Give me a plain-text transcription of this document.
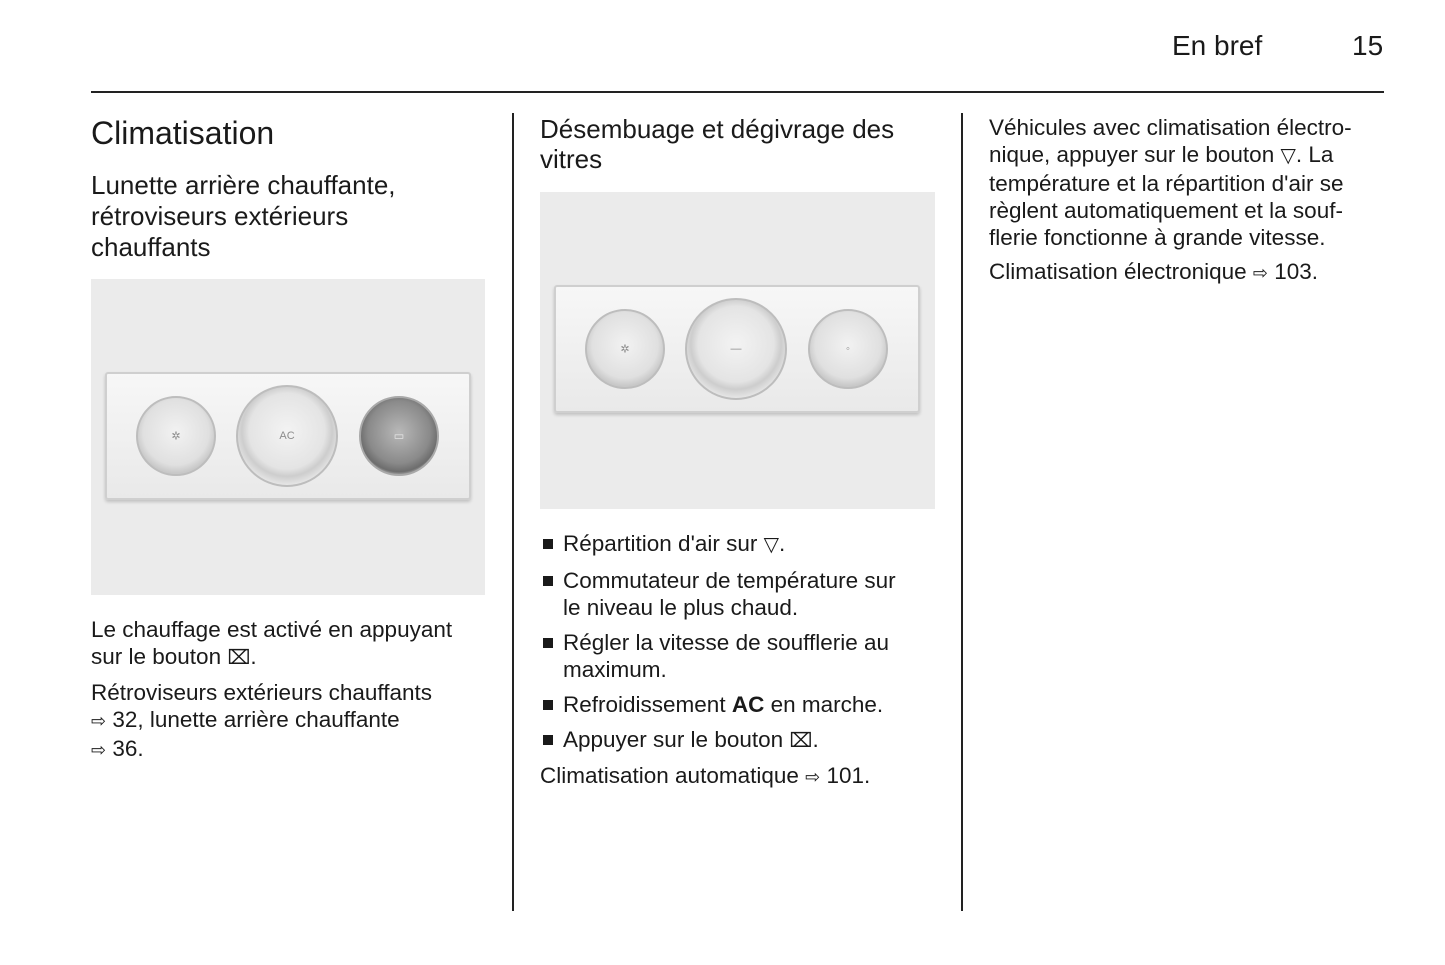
En bref	15
Climatisation
Lunette arrière chauffante,
rétroviseurs extérieurs
chauffants
✲	AC	▭

Le chauffage est activé en appuyant
sur le bouton ⌧.

Rétroviseurs extérieurs chauffants
⇨ 32, lunette arrière chauffante
⇨ 36.

Désembuage et dégivrage des
vitres
✲	—	◦
Répartition d'air sur ▽.
Commutateur de température sur
le niveau le plus chaud.
Régler la vitesse de soufflerie au
maximum.
Refroidissement AC en marche.
Appuyer sur le bouton ⌧.

Climatisation automatique ⇨ 101.

Véhicules avec climatisation électro-
nique, appuyer sur le bouton ▽. La
température et la répartition d'air se
règlent automatiquement et la souf-
flerie fonctionne à grande vitesse.

Climatisation électronique ⇨ 103.
